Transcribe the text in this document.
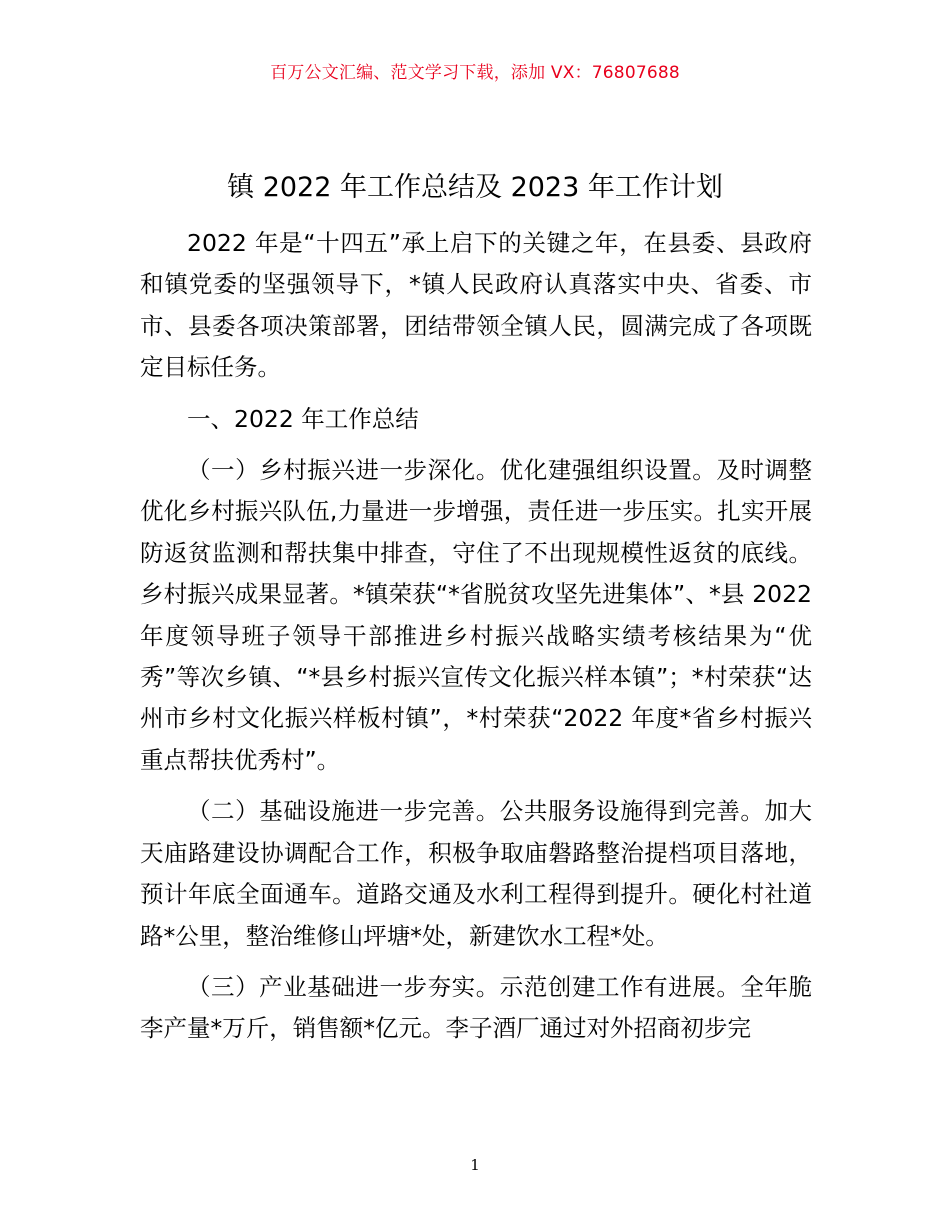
百万公文汇编、范文学习下载，添加 VX：76807688
镇 2022 年工作总结及 2023 年工作计划

2022 年是“十四五”承上启下的关键之年，在县委、县政府和镇党委的坚强领导下，*镇人民政府认真落实中央、省委、市市、县委各项决策部署，团结带领全镇人民，圆满完成了各项既定目标任务。

一、2022 年工作总结

（一）乡村振兴进一步深化。优化建强组织设置。及时调整优化乡村振兴队伍,力量进一步增强，责任进一步压实。扎实开展防返贫监测和帮扶集中排查，守住了不出现规模性返贫的底线。乡村振兴成果显著。*镇荣获“*省脱贫攻坚先进集体”、*县 2022 年度领导班子领导干部推进乡村振兴战略实绩考核结果为“优秀”等次乡镇、“*县乡村振兴宣传文化振兴样本镇”；*村荣获“达州市乡村文化振兴样板村镇”，*村荣获“2022 年度*省乡村振兴重点帮扶优秀村”。

（二）基础设施进一步完善。公共服务设施得到完善。加大天庙路建设协调配合工作，积极争取庙磐路整治提档项目落地，预计年底全面通车。道路交通及水利工程得到提升。硬化村社道路*公里，整治维修山坪塘*处，新建饮水工程*处。

（三）产业基础进一步夯实。示范创建工作有进展。全年脆李产量*万斤，销售额*亿元。李子酒厂通过对外招商初步完

1
